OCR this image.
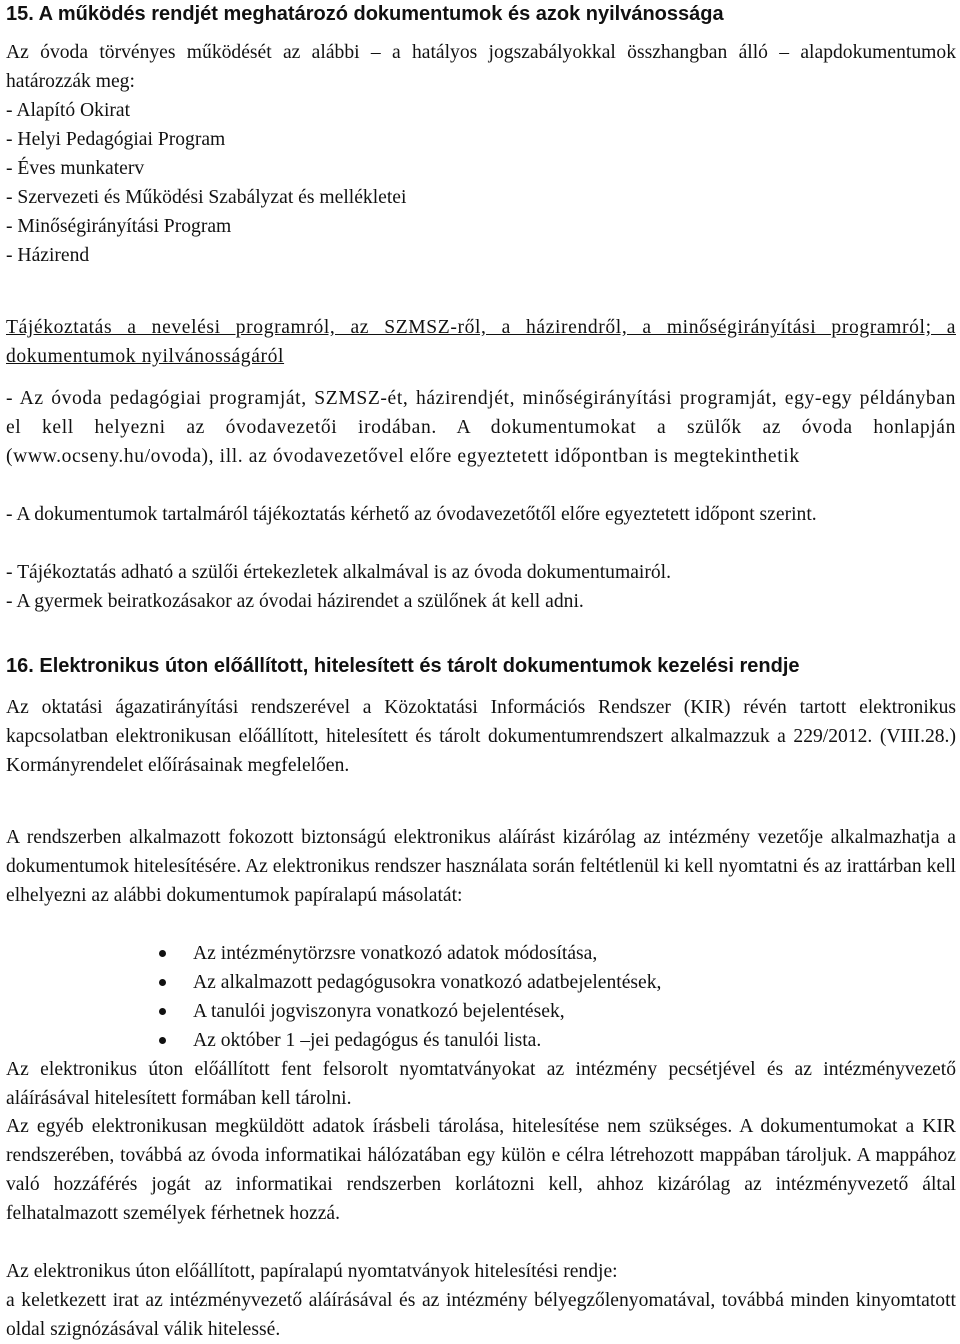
15. A működés rendjét meghatározó dokumentumok és azok nyilvánossága

Az óvoda törvényes működését az alábbi – a hatályos jogszabályokkal összhangban álló – alapdokumentumok határozzák meg:

- Alapító Okirat
- Helyi Pedagógiai Program
- Éves munkaterv
- Szervezeti és Működési Szabályzat és mellékletei
- Minőségirányítási Program
- Házirend

Tájékoztatás a nevelési programról, az SZMSZ-ről, a házirendről, a minőségirányítási programról; a dokumentumok nyilvánosságáról

- Az óvoda pedagógiai programját, SZMSZ-ét, házirendjét, minőségirányítási programját, egy-egy példányban el kell helyezni az óvodavezetői irodában. A dokumentumokat a szülők az óvoda honlapján (www.ocseny.hu/ovoda), ill. az óvodavezetővel előre egyeztetett időpontban is megtekinthetik

- A dokumentumok tartalmáról tájékoztatás kérhető az óvodavezetőtől előre egyeztetett időpont szerint.

- Tájékoztatás adható a szülői értekezletek alkalmával is az óvoda dokumentumairól.
- A gyermek beiratkozásakor az óvodai házirendet a szülőnek át kell adni.
16. Elektronikus úton előállított, hitelesített és tárolt dokumentumok kezelési rendje

Az oktatási ágazatirányítási rendszerével a Közoktatási Információs Rendszer (KIR) révén tartott elektronikus kapcsolatban elektronikusan előállított, hitelesített és tárolt dokumentumrendszert alkalmazzuk a 229/2012. (VIII.28.) Kormányrendelet előírásainak megfelelően.

A rendszerben alkalmazott fokozott biztonságú elektronikus aláírást kizárólag az intézmény vezetője alkalmazhatja a dokumentumok hitelesítésére. Az elektronikus rendszer használata során feltétlenül ki kell nyomtatni és az irattárban kell elhelyezni az alábbi dokumentumok papíralapú másolatát:

Az intézménytörzsre vonatkozó adatok módosítása,
Az alkalmazott pedagógusokra vonatkozó adatbejelentések,
A tanulói jogviszonyra vonatkozó bejelentések,
Az október 1 –jei pedagógus és tanulói lista.

Az elektronikus úton előállított fent felsorolt nyomtatványokat az intézmény pecsétjével és az intézményvezető aláírásával hitelesített formában kell tárolni.

Az egyéb elektronikusan megküldött adatok írásbeli tárolása, hitelesítése nem szükséges. A dokumentumokat a KIR rendszerében, továbbá az óvoda informatikai hálózatában egy külön e célra létrehozott mappában tároljuk. A mappához való hozzáférés jogát az informatikai rendszerben korlátozni kell, ahhoz kizárólag az intézményvezető által felhatalmazott személyek férhetnek hozzá.

Az elektronikus úton előállított, papíralapú nyomtatványok hitelesítési rendje:

a keletkezett irat az intézményvezető aláírásával és az intézmény bélyegzőlenyomatával, továbbá minden kinyomtatott oldal szignózásával válik hitelessé.
